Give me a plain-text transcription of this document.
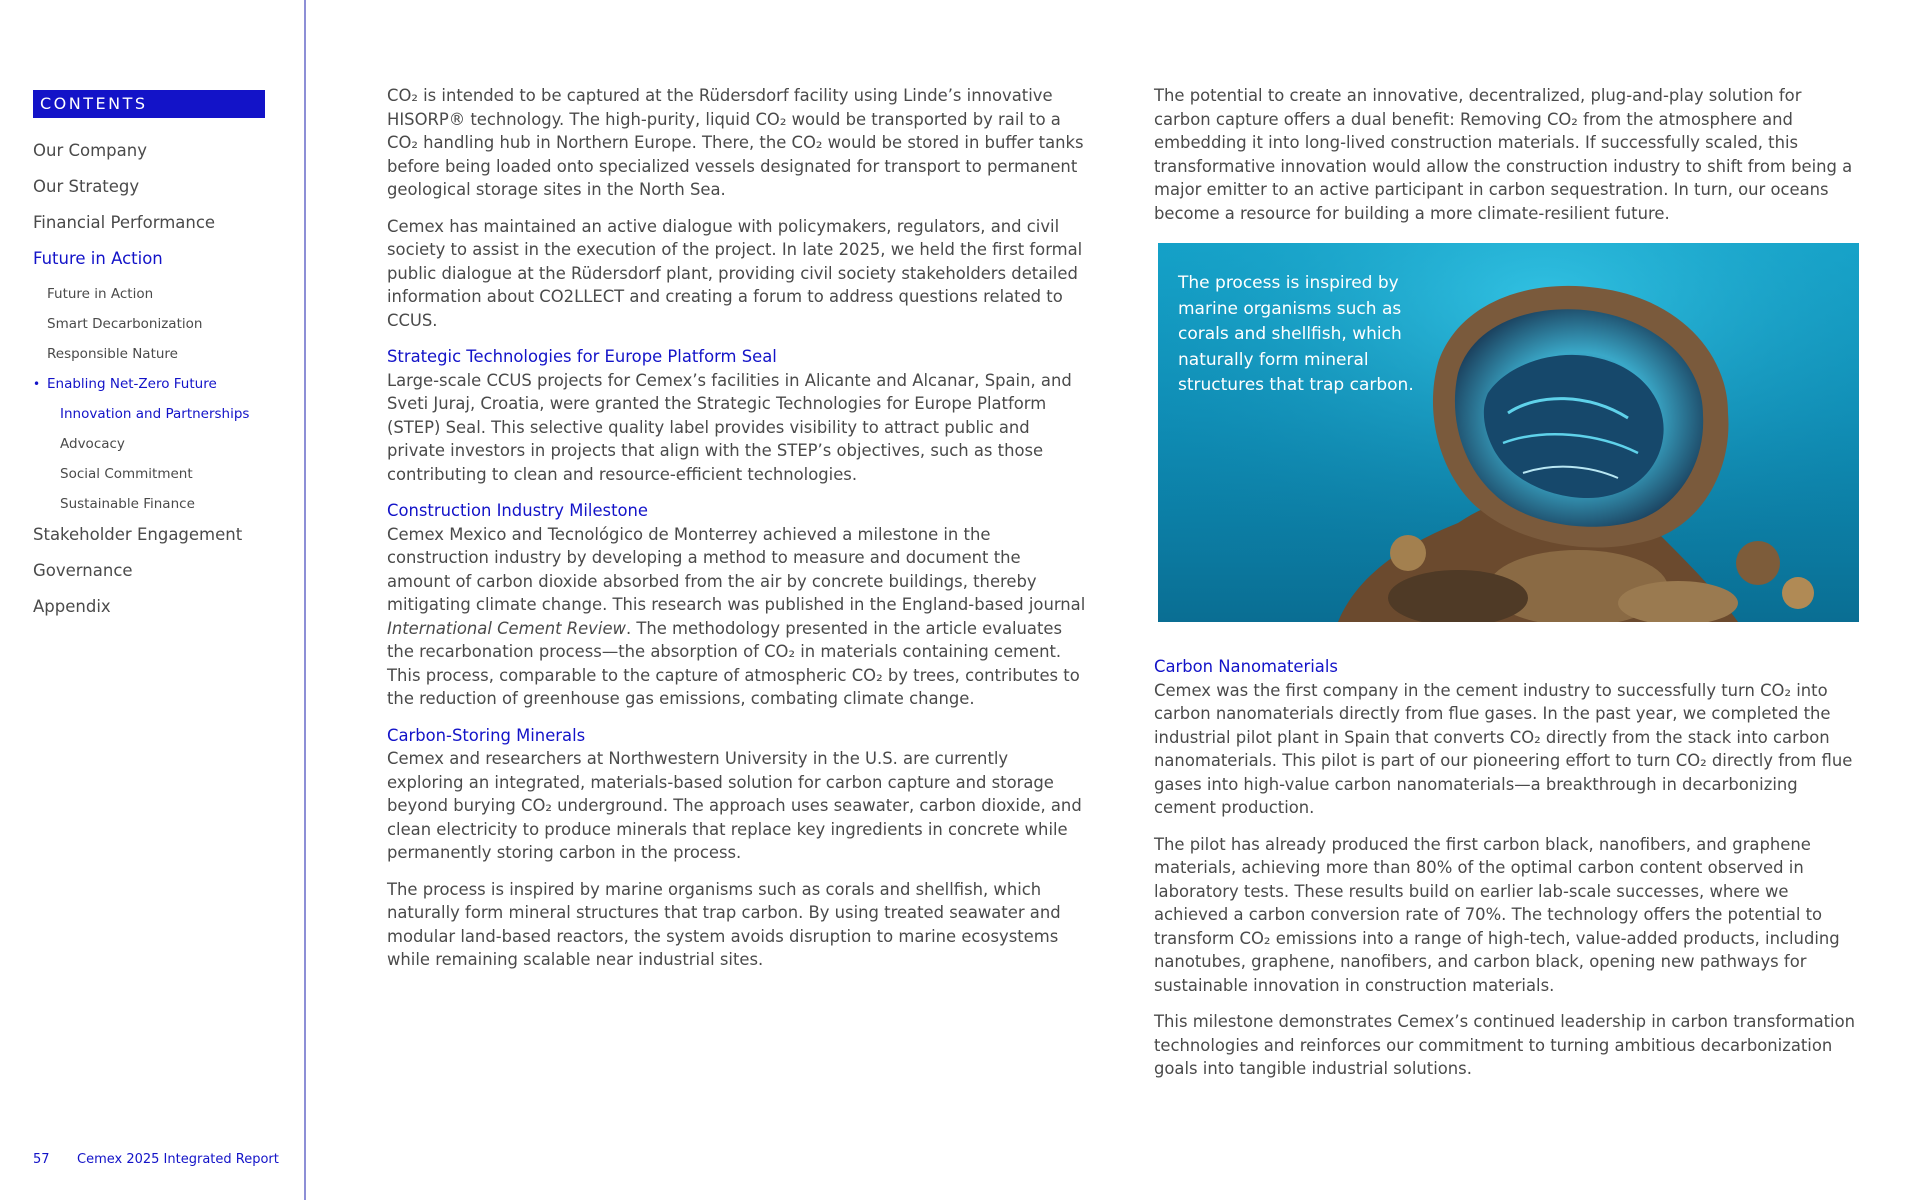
CONTENTS
Our Company
Our Strategy
Financial Performance
Future in Action
Future in Action
Smart Decarbonization
Responsible Nature
• Enabling Net-Zero Future
Innovation and Partnerships
Advocacy
Social Commitment
Sustainable Finance
Stakeholder Engagement
Governance
Appendix
57 Cemex 2025 Integrated Report

CO₂ is intended to be captured at the Rüdersdorf facility using Linde’s innovative HISORP® technology. The high-purity, liquid CO₂ would be transported by rail to a CO₂ handling hub in Northern Europe. There, the CO₂ would be stored in buffer tanks before being loaded onto specialized vessels designated for transport to permanent geological storage sites in the North Sea.

Cemex has maintained an active dialogue with policymakers, regulators, and civil society to assist in the execution of the project. In late 2025, we held the first formal public dialogue at the Rüdersdorf plant, providing civil society stakeholders detailed information about CO2LLECT and creating a forum to address questions related to CCUS.

Strategic Technologies for Europe Platform Seal
Large-scale CCUS projects for Cemex’s facilities in Alicante and Alcanar, Spain, and Sveti Juraj, Croatia, were granted the Strategic Technologies for Europe Platform (STEP) Seal. This selective quality label provides visibility to attract public and private investors in projects that align with the STEP’s objectives, such as those contributing to clean and resource-efficient technologies.
Construction Industry Milestone
Cemex Mexico and Tecnológico de Monterrey achieved a milestone in the construction industry by developing a method to measure and document the amount of carbon dioxide absorbed from the air by concrete buildings, thereby mitigating climate change. This research was published in the England-based journal International Cement Review. The methodology presented in the article evaluates the recarbonation process—the absorption of CO₂ in materials containing cement. This process, comparable to the capture of atmospheric CO₂ by trees, contributes to the reduction of greenhouse gas emissions, combating climate change.
Carbon-Storing Minerals
Cemex and researchers at Northwestern University in the U.S. are currently exploring an integrated, materials-based solution for carbon capture and storage beyond burying CO₂ underground. The approach uses seawater, carbon dioxide, and clean electricity to produce minerals that replace key ingredients in concrete while permanently storing carbon in the process.

The process is inspired by marine organisms such as corals and shellfish, which naturally form mineral structures that trap carbon. By using treated seawater and modular land-based reactors, the system avoids disruption to marine ecosystems while remaining scalable near industrial sites.

The potential to create an innovative, decentralized, plug-and-play solution for carbon capture offers a dual benefit: Removing CO₂ from the atmosphere and embedding it into long-lived construction materials. If successfully scaled, this transformative innovation would allow the construction industry to shift from being a major emitter to an active participant in carbon sequestration. In turn, our oceans become a resource for building a more climate-resilient future.

The process is inspired by marine organisms such as corals and shellfish, which naturally form mineral structures that trap carbon.
Carbon Nanomaterials
Cemex was the first company in the cement industry to successfully turn CO₂ into carbon nanomaterials directly from flue gases. In the past year, we completed the industrial pilot plant in Spain that converts CO₂ directly from the stack into carbon nanomaterials. This pilot is part of our pioneering effort to turn CO₂ directly from flue gases into high-value carbon nanomaterials—a breakthrough in decarbonizing cement production.

The pilot has already produced the first carbon black, nanofibers, and graphene materials, achieving more than 80% of the optimal carbon content observed in laboratory tests. These results build on earlier lab-scale successes, where we achieved a carbon conversion rate of 70%. The technology offers the potential to transform CO₂ emissions into a range of high-tech, value-added products, including nanotubes, graphene, nanofibers, and carbon black, opening new pathways for sustainable innovation in construction materials.

This milestone demonstrates Cemex’s continued leadership in carbon transformation technologies and reinforces our commitment to turning ambitious decarbonization goals into tangible industrial solutions.
